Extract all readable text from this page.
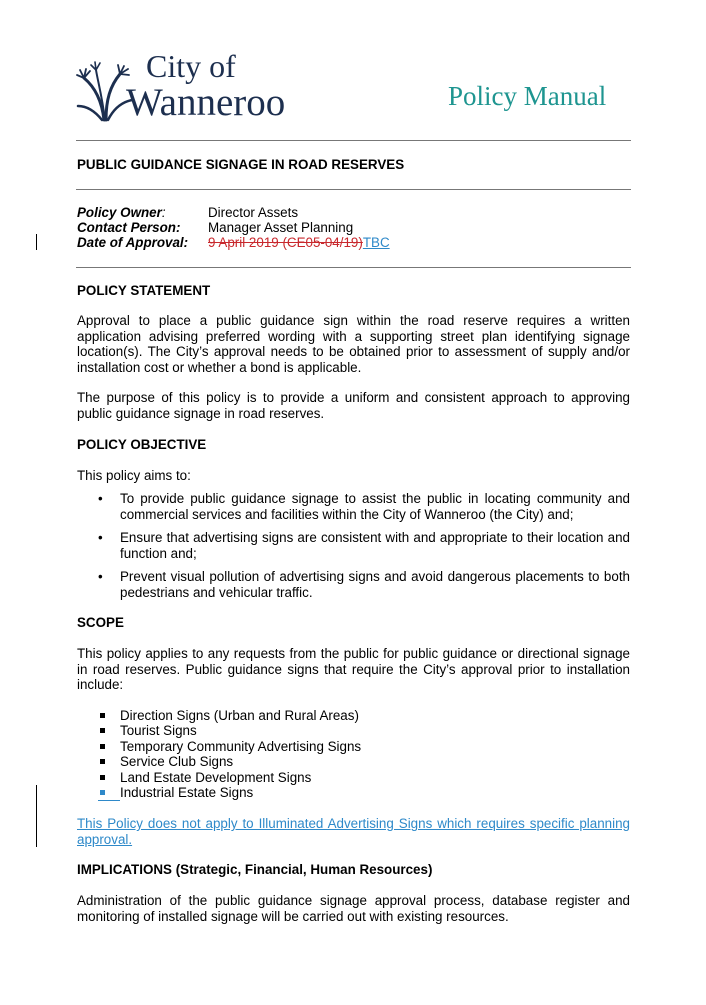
City of
Wanneroo	Policy Manual
PUBLIC GUIDANCE SIGNAGE IN ROAD RESERVES
Policy Owner:	Director Assets
Contact Person: Manager Asset Planning
Date of Approval: 9 April 2019 (CE05-04/19)TBC
POLICY STATEMENT

Approval to place a public guidance sign within the road reserve requires a written application advising preferred wording with a supporting street plan identifying signage location(s). The City’s approval needs to be obtained prior to assessment of supply and/or installation cost or whether a bond is applicable.

The purpose of this policy is to provide a uniform and consistent approach to approving public guidance signage in road reserves.

POLICY OBJECTIVE
This policy aims to:
• To provide public guidance signage to assist the public in locating community and commercial services and facilities within the City of Wanneroo (the City) and;
• Ensure that advertising signs are consistent with and appropriate to their location and function and;
• Prevent visual pollution of advertising signs and avoid dangerous placements to both pedestrians and vehicular traffic.
SCOPE

This policy applies to any requests from the public for public guidance or directional signage in road reserves. Public guidance signs that require the City’s approval prior to installation include:

Direction Signs (Urban and Rural Areas)
Tourist Signs
Temporary Community Advertising Signs
Service Club Signs
Land Estate Development Signs
Industrial Estate Signs

This Policy does not apply to Illuminated Advertising Signs which requires specific planning approval.

IMPLICATIONS (Strategic, Financial, Human Resources)

Administration of the public guidance signage approval process, database register and monitoring of installed signage will be carried out with existing resources.
